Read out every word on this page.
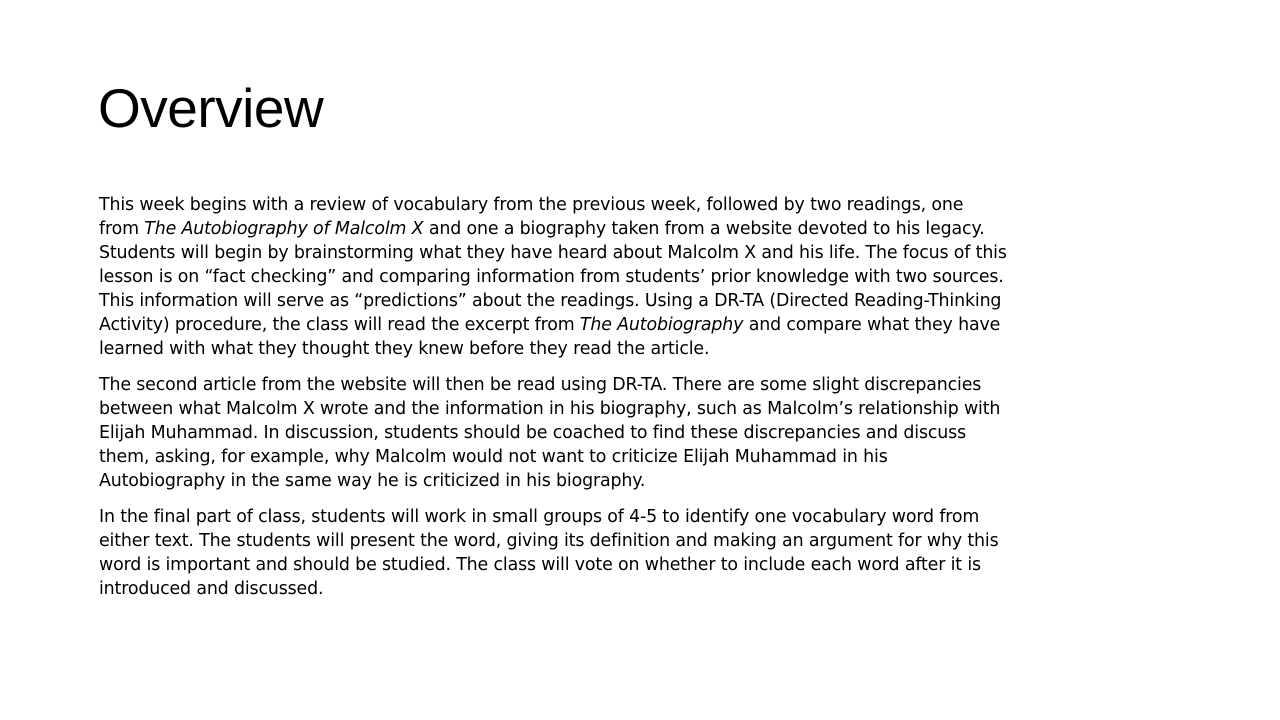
Overview

This week begins with a review of vocabulary from the previous week, followed by two readings, one
from The Autobiography of Malcolm X and one a biography taken from a website devoted to his legacy.
Students will begin by brainstorming what they have heard about Malcolm X and his life. The focus of this
lesson is on “fact checking” and comparing information from students’ prior knowledge with two sources.
This information will serve as “predictions” about the readings. Using a DR-TA (Directed Reading-Thinking
Activity) procedure, the class will read the excerpt from The Autobiography and compare what they have
learned with what they thought they knew before they read the article.

The second article from the website will then be read using DR-TA. There are some slight discrepancies
between what Malcolm X wrote and the information in his biography, such as Malcolm’s relationship with
Elijah Muhammad. In discussion, students should be coached to find these discrepancies and discuss
them, asking, for example, why Malcolm would not want to criticize Elijah Muhammad in his
Autobiography in the same way he is criticized in his biography.

In the final part of class, students will work in small groups of 4-5 to identify one vocabulary word from
either text. The students will present the word, giving its definition and making an argument for why this
word is important and should be studied. The class will vote on whether to include each word after it is
introduced and discussed.
